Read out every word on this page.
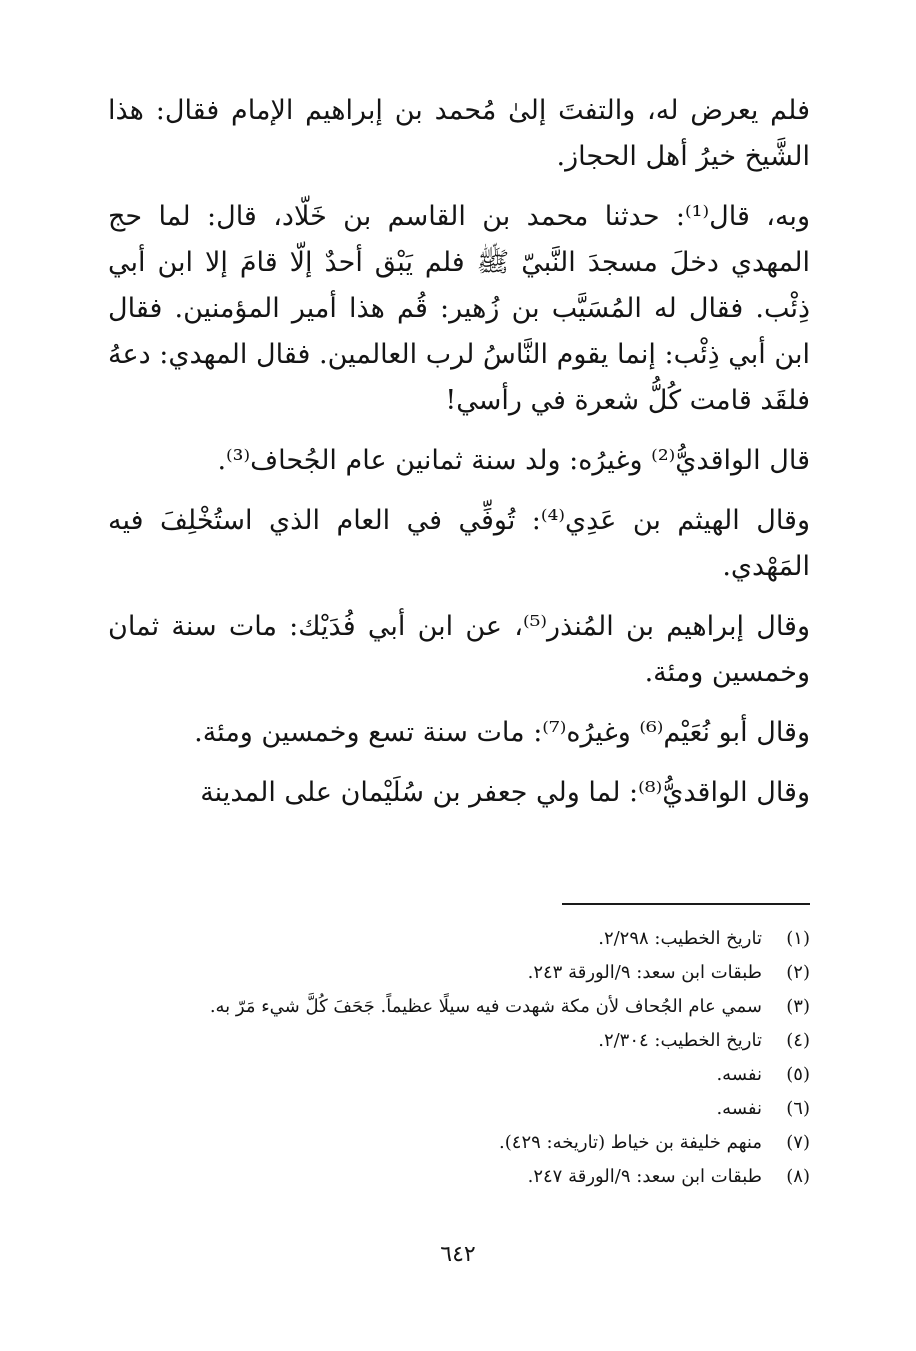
فلم يعرض له، والتفتَ إلىٰ مُحمد بن إبراهيم الإمام فقال: هذا الشَّيخ خيرُ أهل الحجاز.

وبه، قال⁽¹⁾: حدثنا محمد بن القاسم بن خَلّاد، قال: لما حج المهدي دخلَ مسجدَ النَّبيّ ﷺ فلم يَبْق أحدٌ إلّا قامَ إلا ابن أبي ذِئْب. فقال له المُسَيَّب بن زُهير: قُم هذا أمير المؤمنين. فقال ابن أبي ذِئْب: إنما يقوم النَّاسُ لرب العالمين. فقال المهدي: دعهُ فلقَد قامت كُلُّ شعرة في رأسي!

قال الواقديُّ⁽²⁾ وغيرُه: ولد سنة ثمانين عام الجُحاف⁽³⁾.

وقال الهيثم بن عَدِي⁽⁴⁾: تُوفِّي في العام الذي استُخْلِفَ فيه المَهْدي.

وقال إبراهيم بن المُنذر⁽⁵⁾، عن ابن أبي فُدَيْك: مات سنة ثمان وخمسين ومئة.

وقال أبو نُعَيْم⁽⁶⁾ وغيرُه⁽⁷⁾: مات سنة تسع وخمسين ومئة.

وقال الواقديُّ⁽⁸⁾: لما ولي جعفر بن سُلَيْمان على المدينة

(١)
تاريخ الخطيب: ٢/٢٩٨.
(٢)
طبقات ابن سعد: ٩/الورقة ٢٤٣.
(٣)
سمي عام الجُحاف لأن مكة شهدت فيه سيلًا عظيماً. جَحَفَ كُلَّ شيء مَرّ به.
(٤)
تاريخ الخطيب: ٢/٣٠٤.
(٥)
نفسه.
(٦)
نفسه.
(٧)
منهم خليفة بن خياط (تاريخه: ٤٢٩).
(٨)
طبقات ابن سعد: ٩/الورقة ٢٤٧.
٦٤٢
